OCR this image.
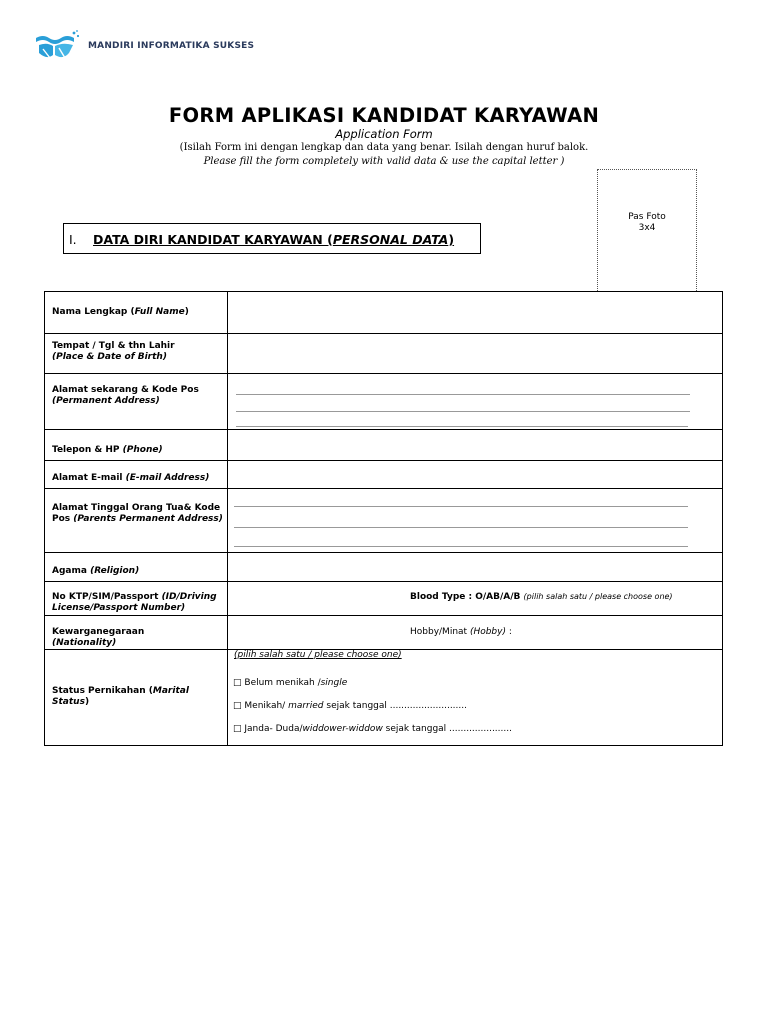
MANDIRI INFORMATIKA SUKSES
FORM APLIKASI KANDIDAT KARYAWAN
Application Form
(Isilah Form ini dengan lengkap dan data yang benar. Isilah dengan huruf balok.
Please fill the form completely with valid data & use the capital letter )
Pas Foto
3x4
I. DATA DIRI KANDIDAT KARYAWAN (PERSONAL DATA)
Nama Lengkap (Full Name)
Tempat / Tgl & thn Lahir
(Place & Date of Birth)
Alamat sekarang & Kode Pos
(Permanent Address)
Telepon & HP (Phone)
Alamat E-mail (E-mail Address)
Alamat Tinggal Orang Tua& Kode
Pos (Parents Permanent Address)
Agama (Religion)
No KTP/SIM/Passport (ID/Driving
License/Passport Number)
Blood Type : O/AB/A/B (pilih salah satu / please choose one)
Kewarganegaraan
(Nationality)
Hobby/Minat (Hobby) :
Status Pernikahan (Marital Status)
(pilih salah satu / please choose one)
□ Belum menikah /single
□ Menikah/ married sejak tanggal ...........................
□ Janda- Duda/widdower-widdow sejak tanggal ......................
